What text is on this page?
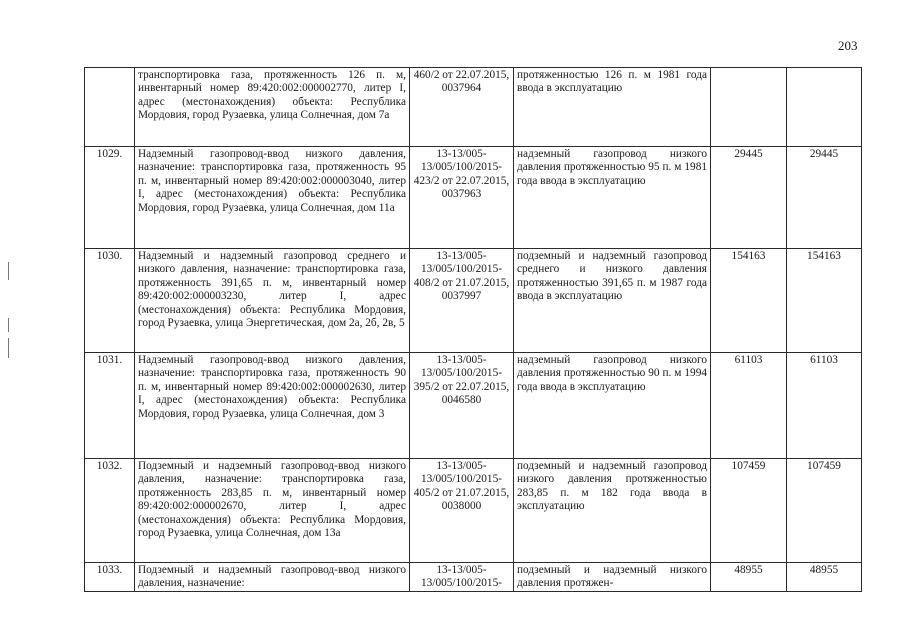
203
	транспортировка газа, протяженность 126 п. м, инвентарный номер 89:420:002:000002770, литер I, адрес (местонахождения) объекта: Республика Мордовия, город Рузаевка, улица Солнечная, дом 7а	460/2 от 22.07.2015, 0037964	протяженностью 126 п. м 1981 года ввода в эксплуатацию		
1029.	Надземный газопровод-ввод низкого давления, назначение: транспортировка газа, протяженность 95 п. м, инвентарный номер 89:420:002:000003040, литер I, адрес (местонахождения) объекта: Республика Мордовия, город Рузаевка, улица Солнечная, дом 11а	13-13/005-13/005/100/2015-423/2 от 22.07.2015, 0037963	надземный газопровод низкого давления протяженностью 95 п. м 1981 года ввода в эксплуатацию	29445	29445
1030.	Надземный и надземный газопровод среднего и низкого давления, назначение: транспортировка газа, протяженность 391,65 п. м, инвентарный номер 89:420:002:000003230, литер I, адрес (местонахождения) объекта: Республика Мордовия, город Рузаевка, улица Энергетическая, дом 2а, 2б, 2в, 5	13-13/005-13/005/100/2015-408/2 от 21.07.2015, 0037997	подземный и надземный газопровод среднего и низкого давления протяженностью 391,65 п. м 1987 года ввода в эксплуатацию	154163	154163
1031.	Надземный газопровод-ввод низкого давления, назначение: транспортировка газа, протяженность 90 п. м, инвентарный номер 89:420:002:000002630, литер I, адрес (местонахождения) объекта: Республика Мордовия, город Рузаевка, улица Солнечная, дом 3	13-13/005-13/005/100/2015-395/2 от 22.07.2015, 0046580	надземный газопровод низкого давления протяженностью 90 п. м 1994 года ввода в эксплуатацию	61103	61103
1032.	Подземный и надземный газопровод-ввод низкого давления, назначение: транспортировка газа, протяженность 283,85 п. м, инвентарный номер 89:420:002:000002670, литер I, адрес (местонахождения) объекта: Республика Мордовия, город Рузаевка, улица Солнечная, дом 13а	13-13/005-13/005/100/2015-405/2 от 21.07.2015, 0038000	подземный и надземный газопровод низкого давления протяженностью 283,85 п. м 182 года ввода в эксплуатацию	107459	107459
1033.	Подземный и надземный газопровод-ввод низкого давления, назначение:	13-13/005-13/005/100/2015-	подземный и надземный низкого давления протяжен-	48955	48955
